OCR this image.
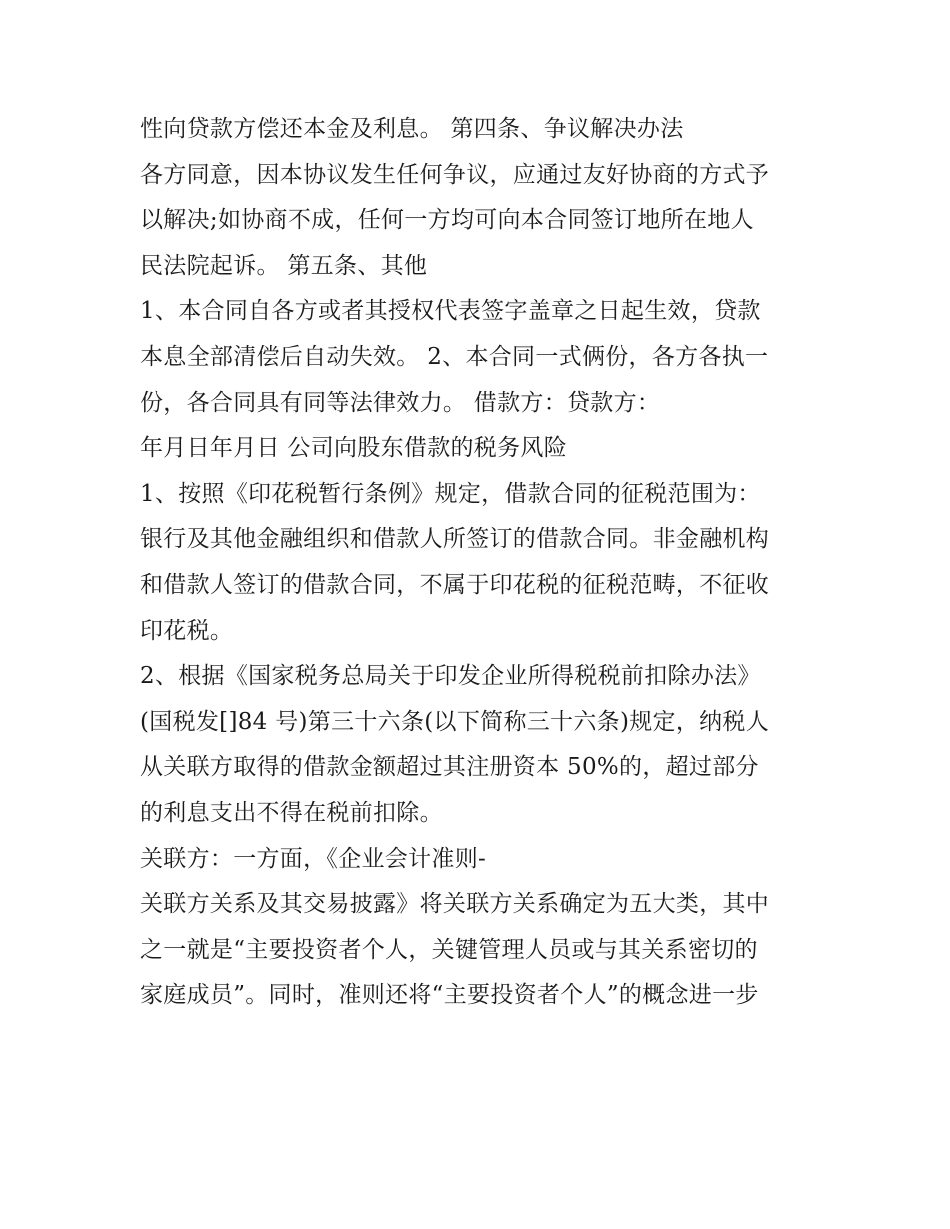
性向贷款方偿还本金及利息。 第四条、争议解决办法

各方同意，因本协议发生任何争议，应通过友好协商的方式予

以解决;如协商不成，任何一方均可向本合同签订地所在地人

民法院起诉。 第五条、其他

1、本合同自各方或者其授权代表签字盖章之日起生效，贷款

本息全部清偿后自动失效。 2、本合同一式俩份，各方各执一

份，各合同具有同等法律效力。 借款方：贷款方：

年月日年月日 公司向股东借款的税务风险

1、按照《印花税暂行条例》规定，借款合同的征税范围为：

银行及其他金融组织和借款人所签订的借款合同。非金融机构

和借款人签订的借款合同，不属于印花税的征税范畴，不征收

印花税。

2、根据《国家税务总局关于印发企业所得税税前扣除办法》

(国税发[]84 号)第三十六条(以下简称三十六条)规定，纳税人

从关联方取得的借款金额超过其注册资本 50%的，超过部分

的利息支出不得在税前扣除。

关联方：一方面，《企业会计准则-

关联方关系及其交易披露》将关联方关系确定为五大类，其中

之一就是“主要投资者个人，关键管理人员或与其关系密切的

家庭成员”。同时，准则还将“主要投资者个人”的概念进一步
